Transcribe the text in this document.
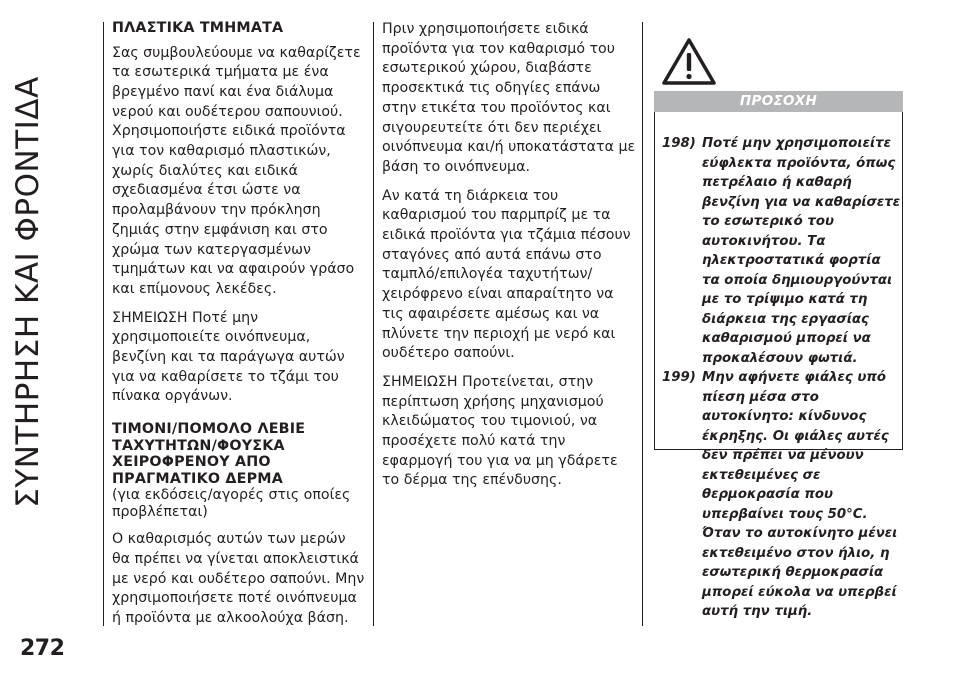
ΣΥΝΤΗΡΗΣΗ ΚΑΙ ΦΡΟΝΤΙΔΑ
ΠΛΑΣΤΙΚΑ ΤΜΗΜΑΤΑ

Σας συμβουλεύουμε να καθαρίζετε τα εσωτερικά τμήματα με ένα βρεγμένο πανί και ένα διάλυμα νερού και ουδέτερου σαπουνιού. Χρησιμοποιήστε ειδικά προϊόντα για τον καθαρισμό πλαστικών, χωρίς διαλύτες και ειδικά σχεδιασμένα έτσι ώστε να προλαμβάνουν την πρόκληση ζημιάς στην εμφάνιση και στο χρώμα των κατεργασμένων τμημάτων και να αφαιρούν γράσο και επίμονους λεκέδες.

ΣΗΜΕΙΩΣΗ Ποτέ μην χρησιμοποιείτε οινόπνευμα, βενζίνη και τα παράγωγα αυτών για να καθαρίσετε το τζάμι του πίνακα οργάνων.

ΤΙΜΟΝΙ/ΠΟΜΟΛΟ ΛΕΒΙΕ ΤΑΧΥΤΗΤΩΝ/ΦΟΥΣΚΑ ΧΕΙΡΟΦΡΕΝΟΥ ΑΠΟ ΠΡΑΓΜΑΤΙΚΟ ΔΕΡΜΑ

(για εκδόσεις/αγορές στις οποίες προβλέπεται)

Ο καθαρισμός αυτών των μερών θα πρέπει να γίνεται αποκλειστικά με νερό και ουδέτερο σαπούνι. Μην χρησιμοποιήσετε ποτέ οινόπνευμα ή προϊόντα με αλκοολούχα βάση.

Πριν χρησιμοποιήσετε ειδικά προϊόντα για τον καθαρισμό του εσωτερικού χώρου, διαβάστε προσεκτικά τις οδηγίες επάνω στην ετικέτα του προϊόντος και σιγουρευτείτε ότι δεν περιέχει οινόπνευμα και/ή υποκατάστατα με βάση το οινόπνευμα.

Αν κατά τη διάρκεια του καθαρισμού του παρμπρίζ με τα ειδικά προϊόντα για τζάμια πέσουν σταγόνες από αυτά επάνω στο ταμπλό/επιλογέα ταχυτήτων/χειρόφρενο είναι απαραίτητο να τις αφαιρέσετε αμέσως και να πλύνετε την περιοχή με νερό και ουδέτερο σαπούνι.

ΣΗΜΕΙΩΣΗ Προτείνεται, στην περίπτωση χρήσης μηχανισμού κλειδώματος του τιμονιού, να προσέχετε πολύ κατά την εφαρμογή του για να μη γδάρετε το δέρμα της επένδυσης.

ΠΡΟΣΟΧΗ
198) Ποτέ μην χρησιμοποιείτε εύφλεκτα προϊόντα, όπως πετρέλαιο ή καθαρή βενζίνη για να καθαρίσετε το εσωτερικό του αυτοκινήτου. Τα ηλεκτροστατικά φορτία τα οποία δημιουργούνται με το τρίψιμο κατά τη διάρκεια της εργασίας καθαρισμού μπορεί να προκαλέσουν φωτιά.
199) Μην αφήνετε φιάλες υπό πίεση μέσα στο αυτοκίνητο: κίνδυνος έκρηξης. Οι φιάλες αυτές δεν πρέπει να μένουν εκτεθειμένες σε θερμοκρασία που υπερβαίνει τους 50°C. Όταν το αυτοκίνητο μένει εκτεθειμένο στον ήλιο, η εσωτερική θερμοκρασία μπορεί εύκολα να υπερβεί αυτή την τιμή.
272
